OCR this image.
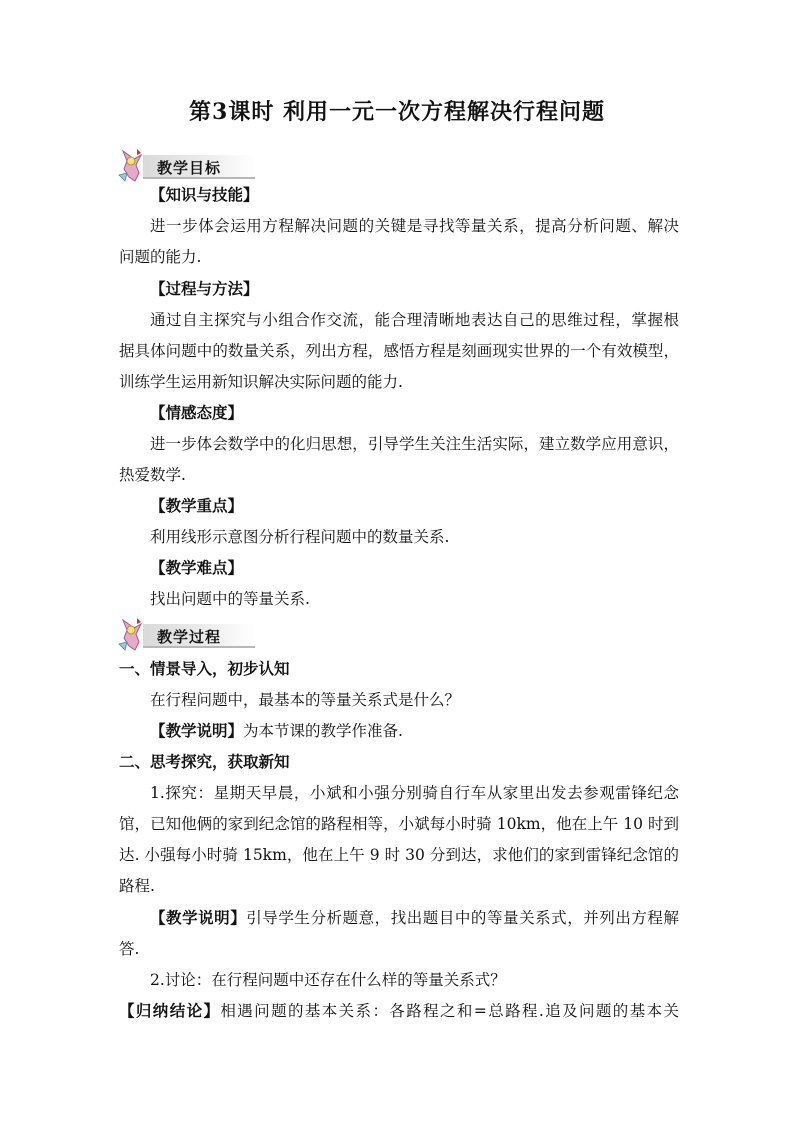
第3课时 利用一元一次方程解决行程问题
教学目标
【知识与技能】
进一步体会运用方程解决问题的关键是寻找等量关系，提高分析问题、解决
问题的能力.
【过程与方法】
通过自主探究与小组合作交流，能合理清晰地表达自己的思维过程，掌握根
据具体问题中的数量关系，列出方程，感悟方程是刻画现实世界的一个有效模型，
训练学生运用新知识解决实际问题的能力.
【情感态度】
进一步体会数学中的化归思想，引导学生关注生活实际，建立数学应用意识，
热爱数学.
【教学重点】
利用线形示意图分析行程问题中的数量关系.
【教学难点】
找出问题中的等量关系.
教学过程
一、情景导入，初步认知
在行程问题中，最基本的等量关系式是什么？
【教学说明】为本节课的教学作准备.
二、思考探究，获取新知
1.探究：星期天早晨，小斌和小强分别骑自行车从家里出发去参观雷锋纪念
馆，已知他俩的家到纪念馆的路程相等，小斌每小时骑 10km，他在上午 10 时到
达. 小强每小时骑 15km，他在上午 9 时 30 分到达，求他们的家到雷锋纪念馆的
路程.
【教学说明】引导学生分析题意，找出题目中的等量关系式，并列出方程解
答.
2.讨论：在行程问题中还存在什么样的等量关系式？
【归纳结论】相遇问题的基本关系：各路程之和=总路程.追及问题的基本关
